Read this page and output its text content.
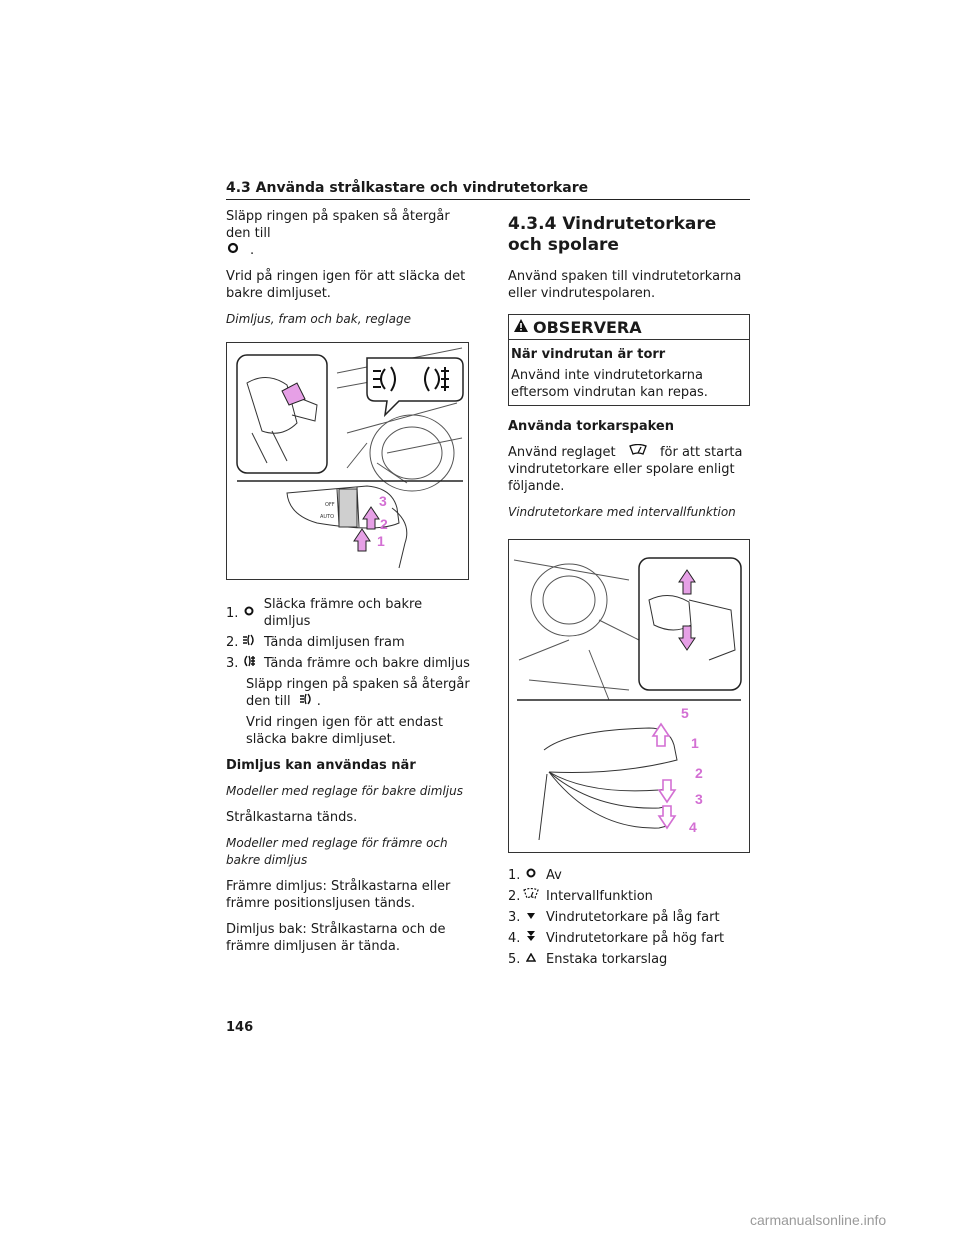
4.3 Använda strålkastare och vindrutetorkare

Släpp ringen på spaken så återgår den till
.

Vrid på ringen igen för att släcka det bakre dimljuset.

Dimljus, fram och bak, reglage

OFF
AUTO
3
2
1
1.
Släcka främre och bakre dimljus
2. Tända dimljusen fram
3. Tända främre och bakre dimljus
Släpp ringen på spaken så återgår den till .

Vrid ringen igen för att endast släcka bakre dimljuset.

Dimljus kan användas när

Modeller med reglage för bakre dimljus

Strålkastarna tänds.

Modeller med reglage för främre och bakre dimljus

Främre dimljus: Strålkastarna eller främre positionsljusen tänds.

Dimljus bak: Strålkastarna och de främre dimljusen är tända.

4.3.4 Vindrutetorkare och spolare

Använd spaken till vindrutetorkarna eller vindrutespolaren.

OBSERVERA
När vindrutan är torr
Använd inte vindrutetorkarna eftersom vindrutan kan repas.

Använda torkarspaken

Använd reglaget	för att starta vindrutetorkare eller spolare enligt följande.

Vindrutetorkare med intervallfunktion

5
1
2
3
4
1. Av
2. Intervallfunktion
3. Vindrutetorkare på låg fart
4. Vindrutetorkare på hög fart
5. Enstaka torkarslag
146
carmanualsonline.info
